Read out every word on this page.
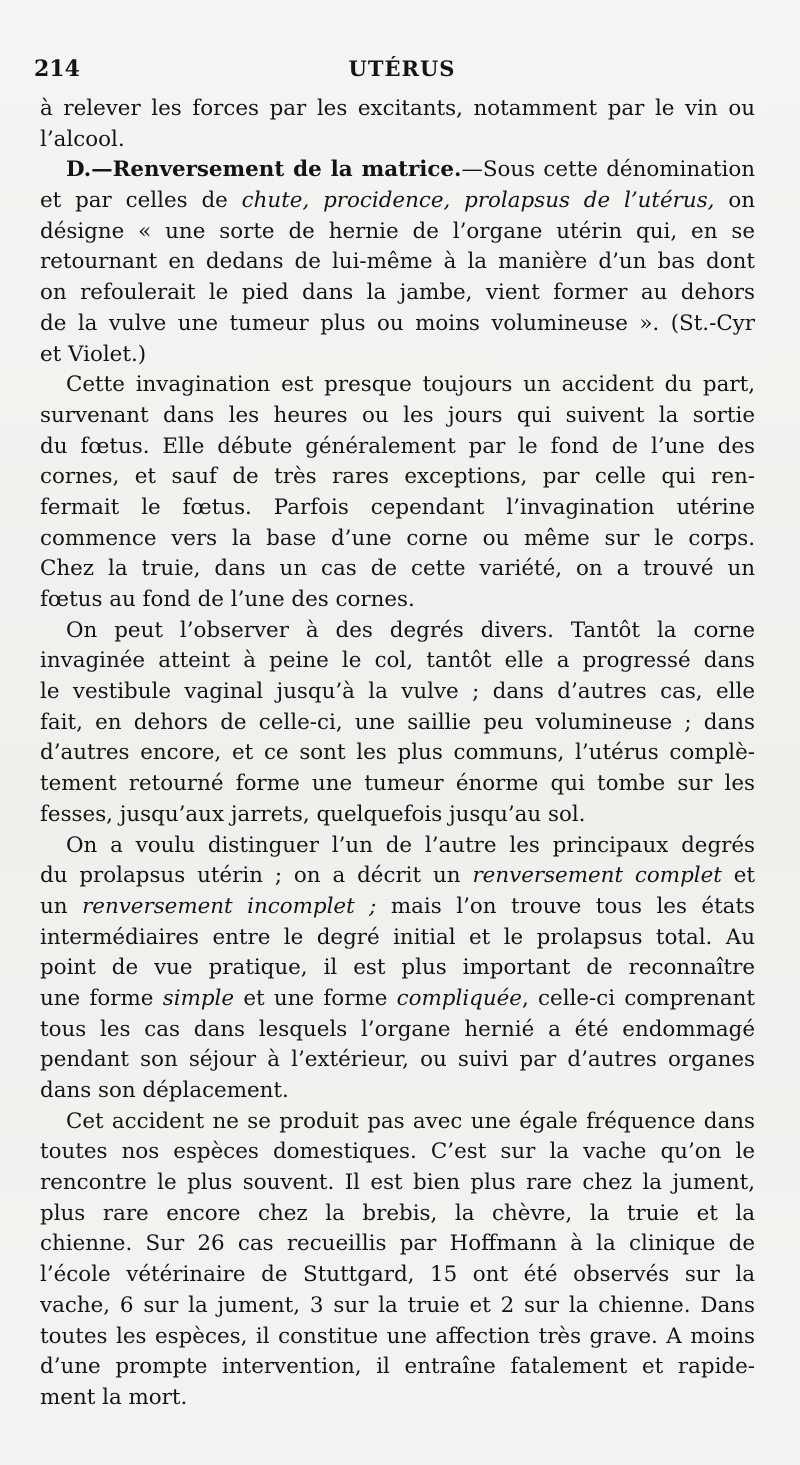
214	UTÉRUS
à relever les forces par les excitants, notamment par le vin ou
l’alcool.
D.—Renversement de la matrice.—Sous cette dénomination
et par celles de chute, procidence, prolapsus de l’utérus, on
désigne « une sorte de hernie de l’organe utérin qui, en se
retournant en dedans de lui-même à la manière d’un bas dont
on refoulerait le pied dans la jambe, vient former au dehors
de la vulve une tumeur plus ou moins volumineuse ». (St.-Cyr
et Violet.)
Cette invagination est presque toujours un accident du part,
survenant dans les heures ou les jours qui suivent la sortie
du fœtus. Elle débute généralement par le fond de l’une des
cornes, et sauf de très rares exceptions, par celle qui ren-
fermait le fœtus. Parfois cependant l’invagination utérine
commence vers la base d’une corne ou même sur le corps.
Chez la truie, dans un cas de cette variété, on a trouvé un
fœtus au fond de l’une des cornes.
On peut l’observer à des degrés divers. Tantôt la corne
invaginée atteint à peine le col, tantôt elle a progressé dans
le vestibule vaginal jusqu’à la vulve ; dans d’autres cas, elle
fait, en dehors de celle-ci, une saillie peu volumineuse ; dans
d’autres encore, et ce sont les plus communs, l’utérus complè-
tement retourné forme une tumeur énorme qui tombe sur les
fesses, jusqu’aux jarrets, quelquefois jusqu’au sol.
On a voulu distinguer l’un de l’autre les principaux degrés
du prolapsus utérin ; on a décrit un renversement complet et
un renversement incomplet ; mais l’on trouve tous les états
intermédiaires entre le degré initial et le prolapsus total. Au
point de vue pratique, il est plus important de reconnaître
une forme simple et une forme compliquée, celle-ci comprenant
tous les cas dans lesquels l’organe hernié a été endommagé
pendant son séjour à l’extérieur, ou suivi par d’autres organes
dans son déplacement.
Cet accident ne se produit pas avec une égale fréquence dans
toutes nos espèces domestiques. C’est sur la vache qu’on le
rencontre le plus souvent. Il est bien plus rare chez la jument,
plus rare encore chez la brebis, la chèvre, la truie et la
chienne. Sur 26 cas recueillis par Hoffmann à la clinique de
l’école vétérinaire de Stuttgard, 15 ont été observés sur la
vache, 6 sur la jument, 3 sur la truie et 2 sur la chienne. Dans
toutes les espèces, il constitue une affection très grave. A moins
d’une prompte intervention, il entraîne fatalement et rapide-
ment la mort.
